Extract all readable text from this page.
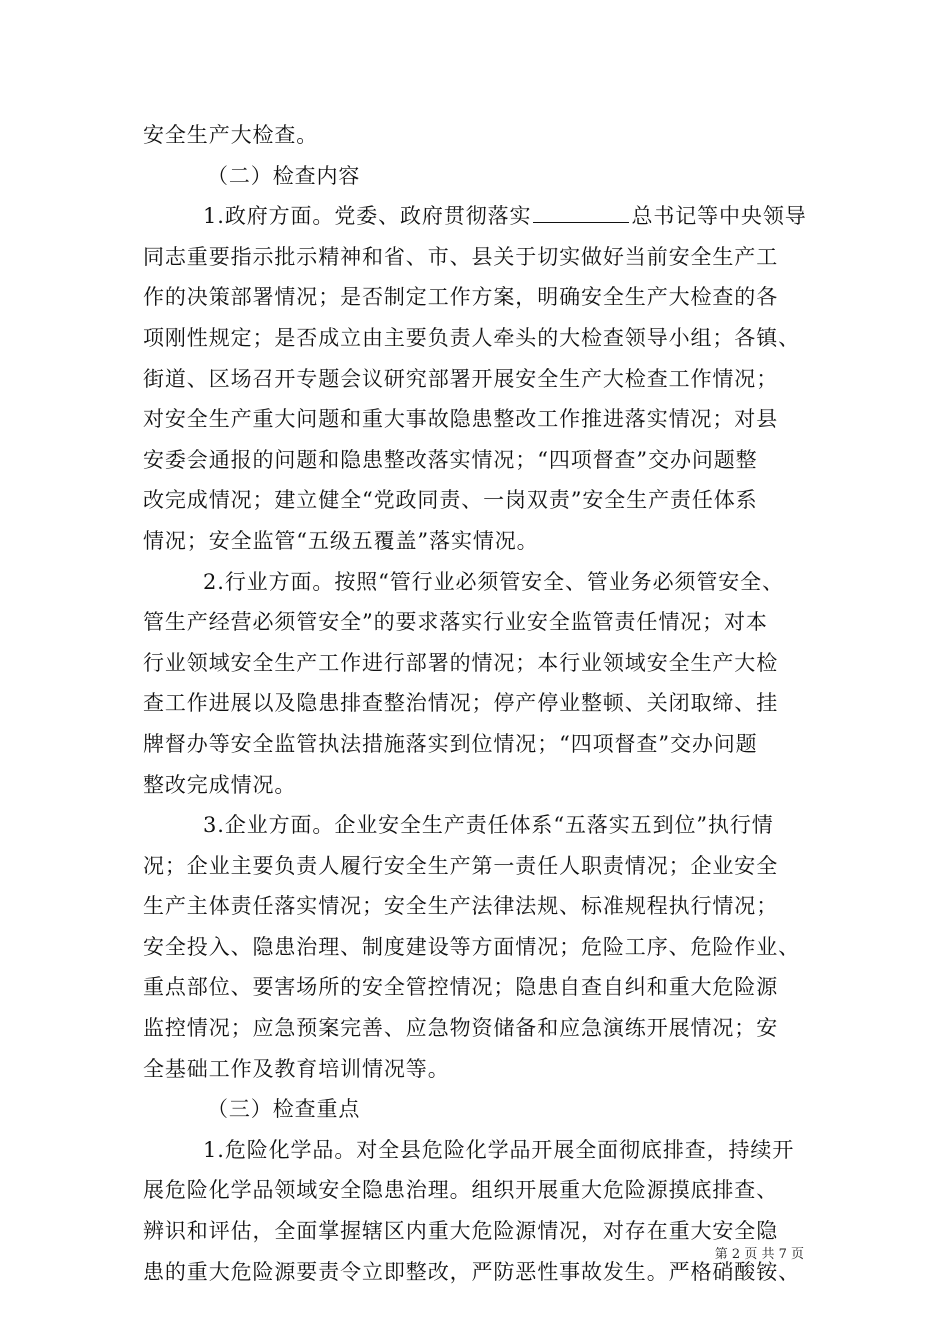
安全生产大检查。
（二）检查内容
1.政府方面。党委、政府贯彻落实	总书记等中央领导
同志重要指示批示精神和省、市、县关于切实做好当前安全生产工
作的决策部署情况；是否制定工作方案，明确安全生产大检查的各
项刚性规定；是否成立由主要负责人牵头的大检查领导小组；各镇、
街道、区场召开专题会议研究部署开展安全生产大检查工作情况；
对安全生产重大问题和重大事故隐患整改工作推进落实情况；对县
安委会通报的问题和隐患整改落实情况；“四项督查”交办问题整
改完成情况；建立健全“党政同责、一岗双责”安全生产责任体系
情况；安全监管“五级五覆盖”落实情况。
2.行业方面。按照“管行业必须管安全、管业务必须管安全、
管生产经营必须管安全”的要求落实行业安全监管责任情况；对本
行业领域安全生产工作进行部署的情况；本行业领域安全生产大检
查工作进展以及隐患排查整治情况；停产停业整顿、关闭取缔、挂
牌督办等安全监管执法措施落实到位情况；“四项督查”交办问题
整改完成情况。
3.企业方面。企业安全生产责任体系“五落实五到位”执行情
况；企业主要负责人履行安全生产第一责任人职责情况；企业安全
生产主体责任落实情况；安全生产法律法规、标准规程执行情况；
安全投入、隐患治理、制度建设等方面情况；危险工序、危险作业、
重点部位、要害场所的安全管控情况；隐患自查自纠和重大危险源
监控情况；应急预案完善、应急物资储备和应急演练开展情况；安
全基础工作及教育培训情况等。
（三）检查重点
1.危险化学品。对全县危险化学品开展全面彻底排查，持续开
展危险化学品领域安全隐患治理。组织开展重大危险源摸底排查、
辨识和评估，全面掌握辖区内重大危险源情况，对存在重大安全隐
患的重大危险源要责令立即整改，严防恶性事故发生。严格硝酸铵、
第 2 页 共 7 页
